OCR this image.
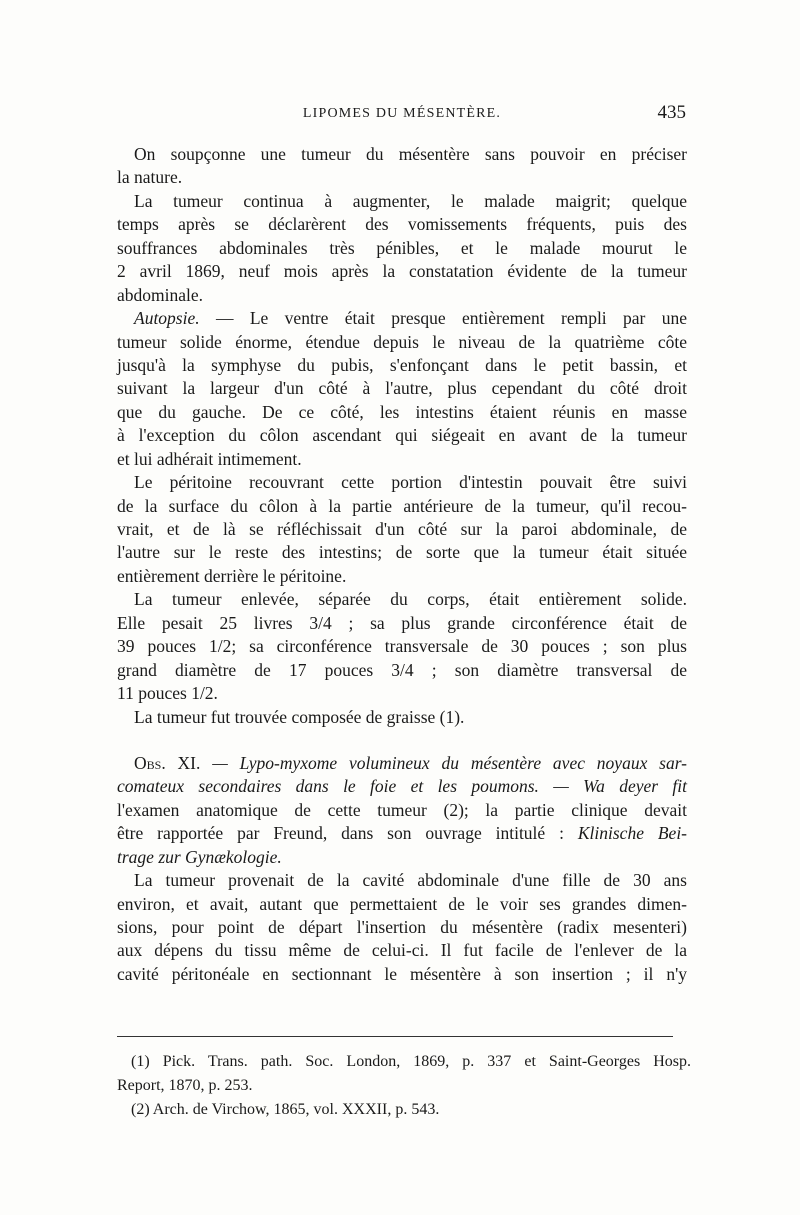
LIPOMES DU MÉSENTÈRE.	435
On soupçonne une tumeur du mésentère sans pouvoir en préciser
la nature.
La tumeur continua à augmenter, le malade maigrit; quelque
temps après se déclarèrent des vomissements fréquents, puis des
souffrances abdominales très pénibles, et le malade mourut le
2 avril 1869, neuf mois après la constatation évidente de la tumeur
abdominale.
Autopsie. — Le ventre était presque entièrement rempli par une
tumeur solide énorme, étendue depuis le niveau de la quatrième côte
jusqu'à la symphyse du pubis, s'enfonçant dans le petit bassin, et
suivant la largeur d'un côté à l'autre, plus cependant du côté droit
que du gauche. De ce côté, les intestins étaient réunis en masse
à l'exception du côlon ascendant qui siégeait en avant de la tumeur
et lui adhérait intimement.
Le péritoine recouvrant cette portion d'intestin pouvait être suivi
de la surface du côlon à la partie antérieure de la tumeur, qu'il recou-
vrait, et de là se réfléchissait d'un côté sur la paroi abdominale, de
l'autre sur le reste des intestins; de sorte que la tumeur était située
entièrement derrière le péritoine.
La tumeur enlevée, séparée du corps, était entièrement solide.
Elle pesait 25 livres 3/4 ; sa plus grande circonférence était de
39 pouces 1/2; sa circonférence transversale de 30 pouces ; son plus
grand diamètre de 17 pouces 3/4 ; son diamètre transversal de
11 pouces 1/2.
La tumeur fut trouvée composée de graisse (1).
Obs. XI. — Lypo-myxome volumineux du mésentère avec noyaux sar-
comateux secondaires dans le foie et les poumons. — Wa deyer fit
l'examen anatomique de cette tumeur (2); la partie clinique devait
être rapportée par Freund, dans son ouvrage intitulé : Klinische Bei-
trage zur Gynækologie.
La tumeur provenait de la cavité abdominale d'une fille de 30 ans
environ, et avait, autant que permettaient de le voir ses grandes dimen-
sions, pour point de départ l'insertion du mésentère (radix mesenteri)
aux dépens du tissu même de celui-ci. Il fut facile de l'enlever de la
cavité péritonéale en sectionnant le mésentère à son insertion ; il n'y
(1) Pick. Trans. path. Soc. London, 1869, p. 337 et Saint-Georges Hosp.
Report, 1870, p. 253.
(2) Arch. de Virchow, 1865, vol. XXXII, p. 543.
